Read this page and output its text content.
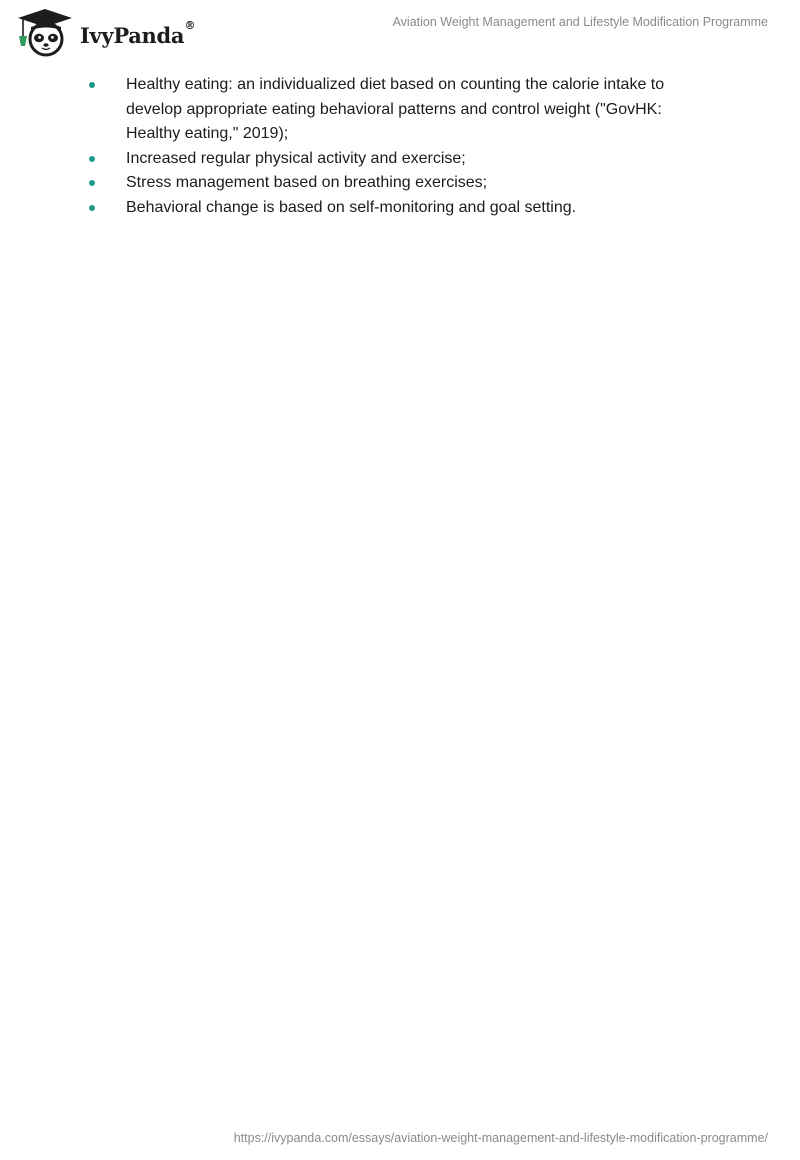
IvyPanda ®	Aviation Weight Management and Lifestyle Modification Programme
Healthy eating: an individualized diet based on counting the calorie intake to develop appropriate eating behavioral patterns and control weight ("GovHK: Healthy eating," 2019);
Increased regular physical activity and exercise;
Stress management based on breathing exercises;
Behavioral change is based on self-monitoring and goal setting.
https://ivypanda.com/essays/aviation-weight-management-and-lifestyle-modification-programme/
